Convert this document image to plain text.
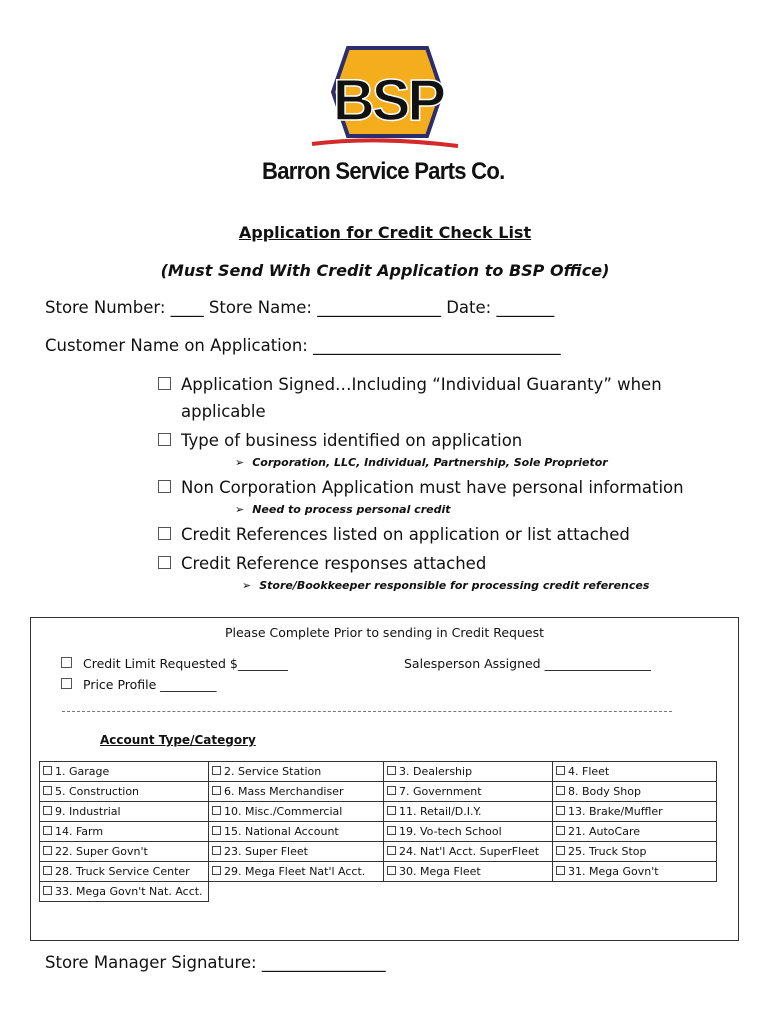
BSP
Barron Service Parts Co.
Application for Credit Check List
(Must Send With Credit Application to BSP Office)
Store Number: ____ Store Name: _______________ Date: _______
Customer Name on Application: ______________________________
Application Signed…Including “Individual Guaranty” when
applicable
Type of business identified on application
➢ Corporation, LLC, Individual, Partnership, Sole Proprietor
Non Corporation Application must have personal information
➢ Need to process personal credit
Credit References listed on application or list attached
Credit Reference responses attached
➢ Store/Bookkeeper responsible for processing credit references
Please Complete Prior to sending in Credit Request
Credit Limit Requested $________	Salesperson Assigned _________________
Price Profile _________
Account Type/Category
1. Garage	2. Service Station	3. Dealership	4. Fleet
5. Construction	6. Mass Merchandiser	7. Government	8. Body Shop
9. Industrial	10. Misc./Commercial	11. Retail/D.I.Y.	13. Brake/Muffler
14. Farm	15. National Account	19. Vo-tech School	21. AutoCare
22. Super Govn't	23. Super Fleet	24. Nat'l Acct. SuperFleet	25. Truck Stop
28. Truck Service Center	29. Mega Fleet Nat'l Acct.	30. Mega Fleet	31. Mega Govn't
33. Mega Govn't Nat. Acct.			
Store Manager Signature: _______________
